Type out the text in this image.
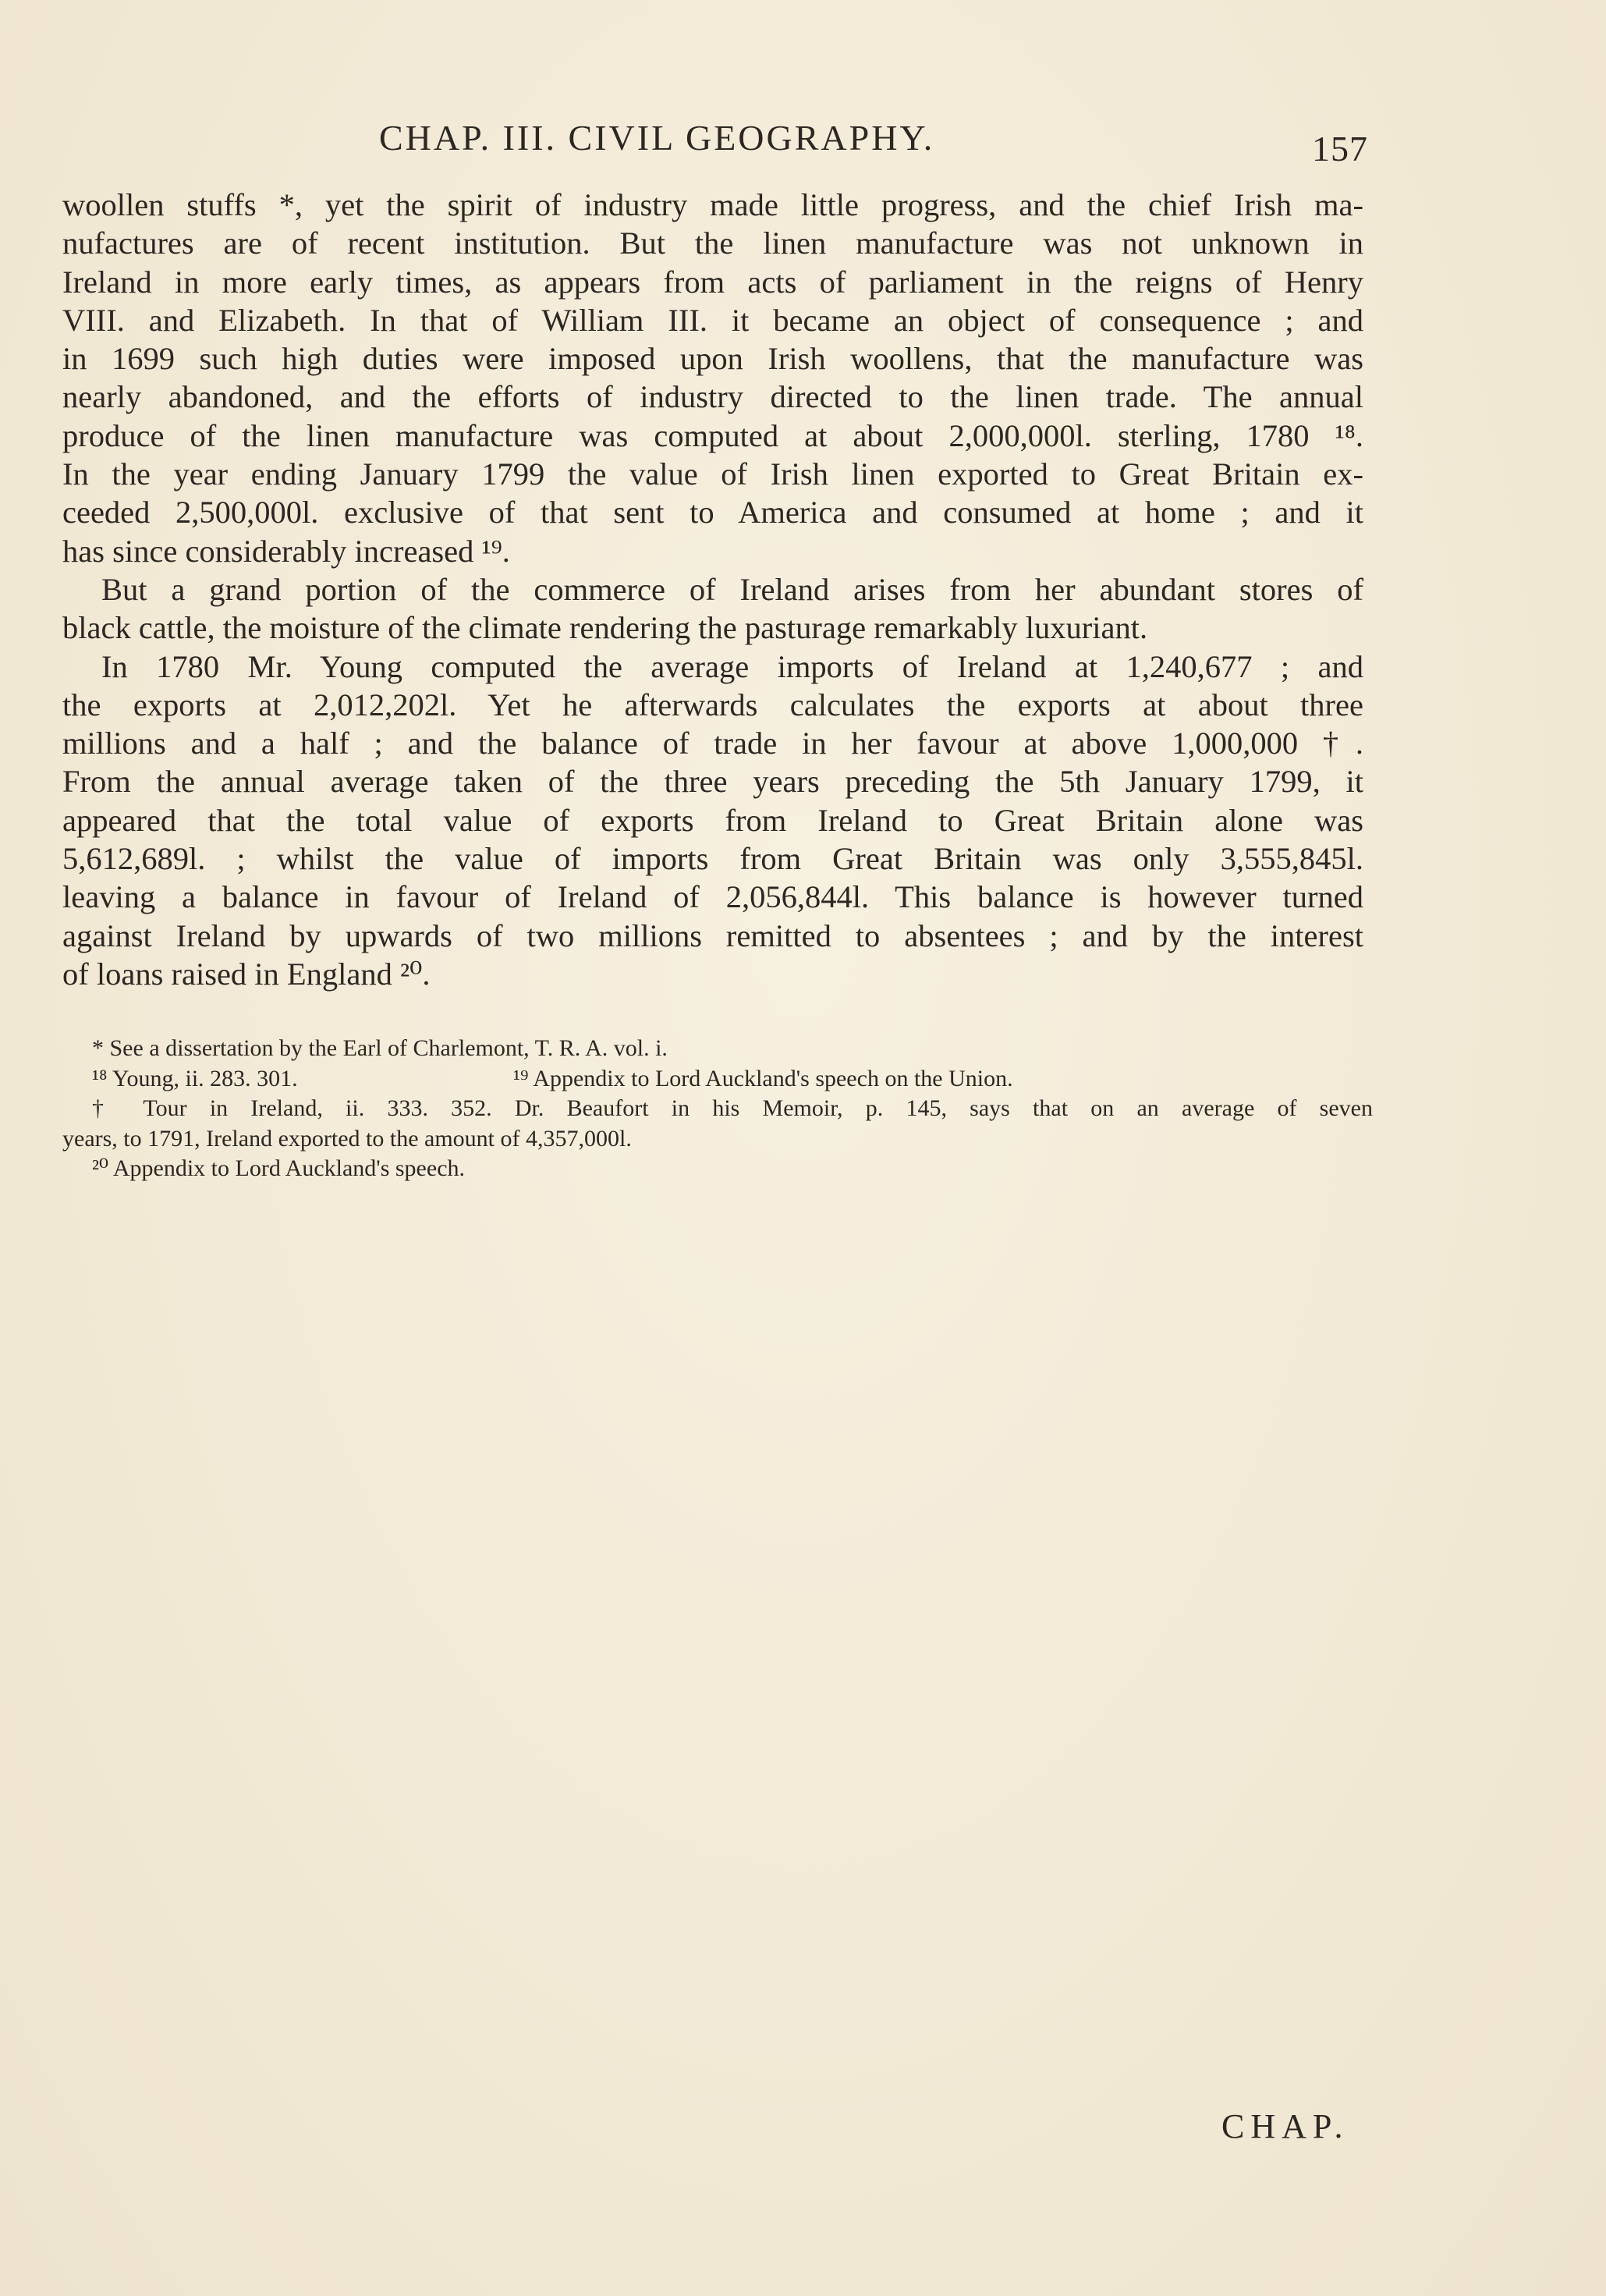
CHAP. III. CIVIL GEOGRAPHY.	157
woollen stuffs *, yet the spirit of industry made little progress, and the chief Irish ma-
nufactures are of recent institution. But the linen manufacture was not unknown in
Ireland in more early times, as appears from acts of parliament in the reigns of Henry
VIII. and Elizabeth. In that of William III. it became an object of consequence ; and
in 1699 such high duties were imposed upon Irish woollens, that the manufacture was
nearly abandoned, and the efforts of industry directed to the linen trade. The annual
produce of the linen manufacture was computed at about 2,000,000l. sterling, 1780 ¹⁸.
In the year ending January 1799 the value of Irish linen exported to Great Britain ex-
ceeded 2,500,000l. exclusive of that sent to America and consumed at home ; and it
has since considerably increased ¹⁹.
But a grand portion of the commerce of Ireland arises from her abundant stores of
black cattle, the moisture of the climate rendering the pasturage remarkably luxuriant.
In 1780 Mr. Young computed the average imports of Ireland at 1,240,677 ; and
the exports at 2,012,202l. Yet he afterwards calculates the exports at about three
millions and a half ; and the balance of trade in her favour at above 1,000,000 †.
From the annual average taken of the three years preceding the 5th January 1799, it
appeared that the total value of exports from Ireland to Great Britain alone was
5,612,689l. ; whilst the value of imports from Great Britain was only 3,555,845l.
leaving a balance in favour of Ireland of 2,056,844l. This balance is however turned
against Ireland by upwards of two millions remitted to absentees ; and by the interest
of loans raised in England ²⁰.
* See a dissertation by the Earl of Charlemont, T. R. A. vol. i.
¹⁸ Young, ii. 283. 301.	¹⁹ Appendix to Lord Auckland's speech on the Union.
† Tour in Ireland, ii. 333. 352. Dr. Beaufort in his Memoir, p. 145, says that on an average of seven
years, to 1791, Ireland exported to the amount of 4,357,000l.
²⁰ Appendix to Lord Auckland's speech.
CHAP.
